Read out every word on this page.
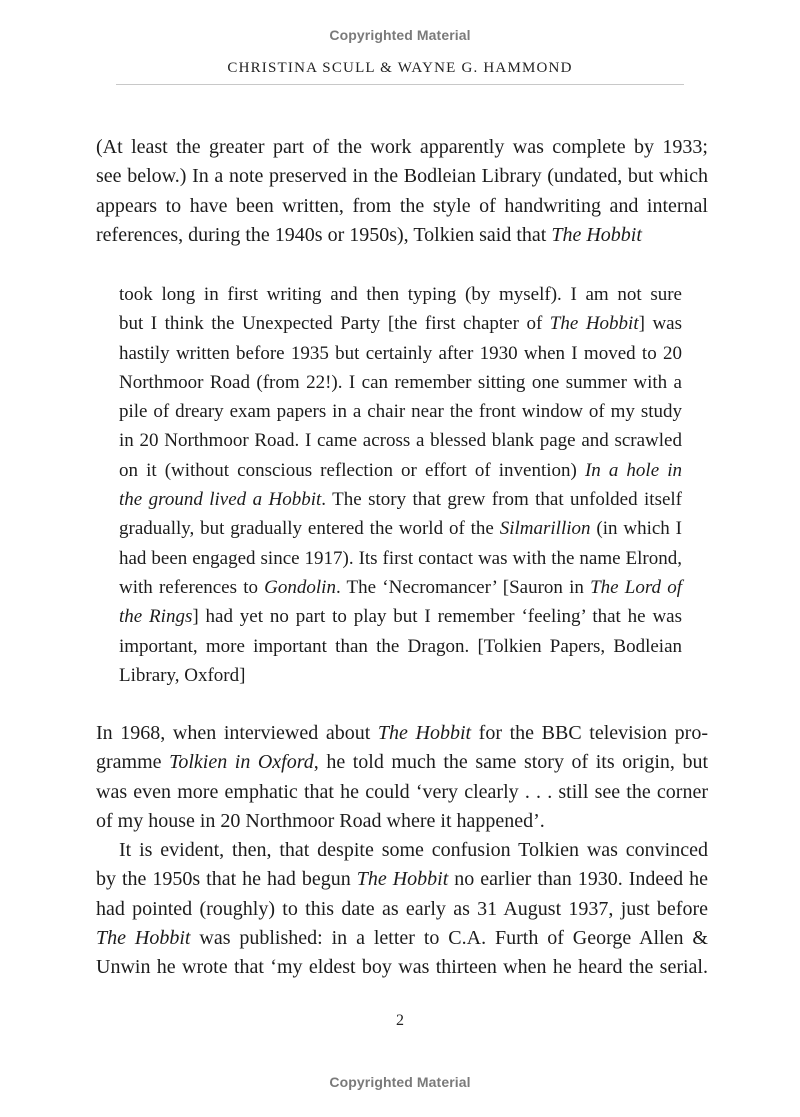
Copyrighted Material
CHRISTINA SCULL & WAYNE G. HAMMOND
(At least the greater part of the work apparently was complete by 1933;
see below.) In a note preserved in the Bodleian Library (undated, but which
appears to have been written, from the style of handwriting and internal
references, during the 1940s or 1950s), Tolkien said that The Hobbit
took long in first writing and then typing (by myself). I am not sure
but I think the Unexpected Party [the first chapter of The Hobbit] was
hastily written before 1935 but certainly after 1930 when I moved to 20
Northmoor Road (from 22!). I can remember sitting one summer with a
pile of dreary exam papers in a chair near the front window of my study
in 20 Northmoor Road. I came across a blessed blank page and scrawled
on it (without conscious reflection or effort of invention) In a hole in
the ground lived a Hobbit. The story that grew from that unfolded itself
gradually, but gradually entered the world of the Silmarillion (in which I
had been engaged since 1917). Its first contact was with the name Elrond,
with references to Gondolin. The ‘Necromancer’ [Sauron in The Lord of
the Rings] had yet no part to play but I remember ‘feeling’ that he was
important, more important than the Dragon. [Tolkien Papers, Bodleian
Library, Oxford]
In 1968, when interviewed about The Hobbit for the BBC television pro-
gramme Tolkien in Oxford, he told much the same story of its origin, but
was even more emphatic that he could ‘very clearly . . . still see the corner
of my house in 20 Northmoor Road where it happened’.
It is evident, then, that despite some confusion Tolkien was convinced
by the 1950s that he had begun The Hobbit no earlier than 1930. Indeed he
had pointed (roughly) to this date as early as 31 August 1937, just before
The Hobbit was published: in a letter to C.A. Furth of George Allen &
Unwin he wrote that ‘my eldest boy was thirteen when he heard the serial.
2
Copyrighted Material
